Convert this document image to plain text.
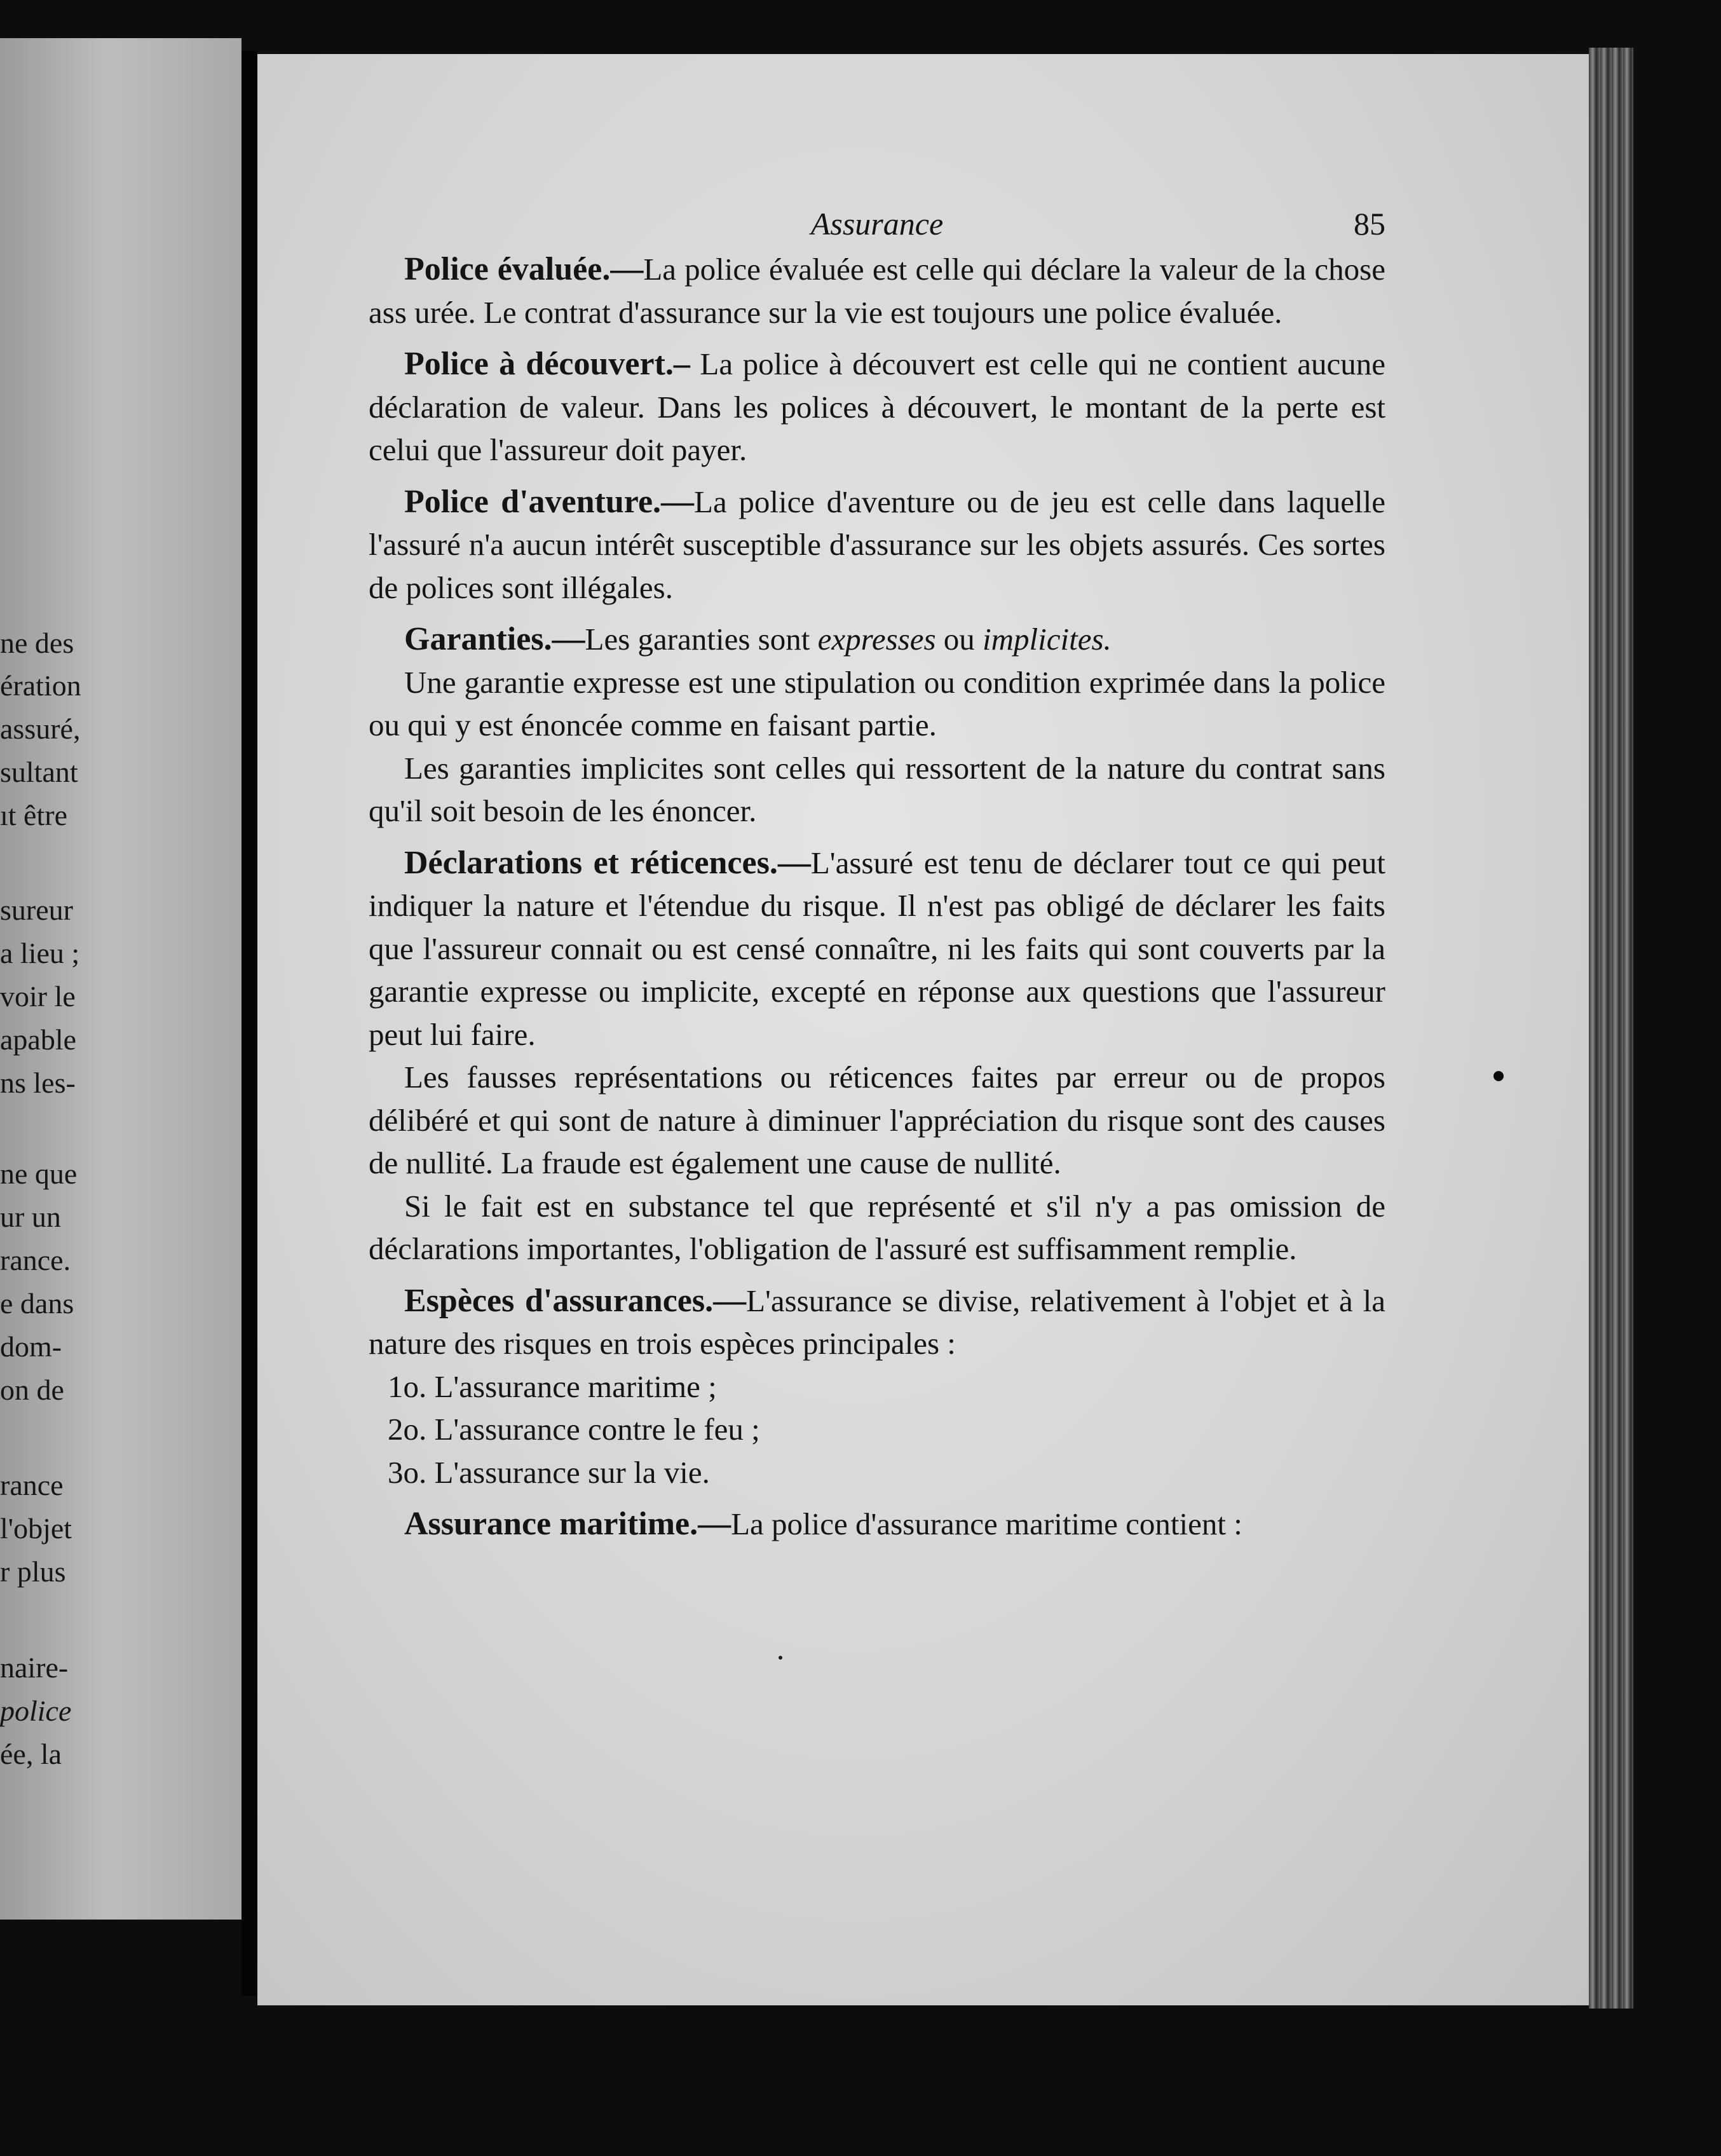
ne des
ération
assuré,
sultant
ıt être
sureur
a lieu ;
voir le
apable
ns les-
ne que
ur un
rance.
e dans
dom-
on de
rance
l'objet
r plus
naire-
police
ée, la
Assurance	85

Police évaluée.—La police évaluée est celle qui déclare la valeur de la chose ass urée. Le contrat d'assurance sur la vie est toujours une police évaluée.

Police à découvert.– La police à découvert est celle qui ne contient aucune déclaration de valeur. Dans les polices à découvert, le montant de la perte est celui que l'assureur doit payer.

Police d'aventure.—La police d'aventure ou de jeu est celle dans laquelle l'assuré n'a aucun intérêt susceptible d'assurance sur les objets assurés. Ces sortes de polices sont illégales.

Garanties.—Les garanties sont expresses ou implicites.

Une garantie expresse est une stipulation ou condition exprimée dans la police ou qui y est énoncée comme en faisant partie.

Les garanties implicites sont celles qui ressortent de la nature du contrat sans qu'il soit besoin de les énoncer.

Déclarations et réticences.—L'assuré est tenu de déclarer tout ce qui peut indiquer la nature et l'étendue du risque. Il n'est pas obligé de déclarer les faits que l'assureur connait ou est censé connaître, ni les faits qui sont couverts par la garantie expresse ou implicite, excepté en réponse aux questions que l'assureur peut lui faire.

Les fausses représentations ou réticences faites par erreur ou de propos délibéré et qui sont de nature à diminuer l'appréciation du risque sont des causes de nullité. La fraude est également une cause de nullité.

Si le fait est en substance tel que représenté et s'il n'y a pas omission de déclarations importantes, l'obligation de l'assuré est suffisamment remplie.

Espèces d'assurances.—L'assurance se divise, relativement à l'objet et à la nature des risques en trois espèces principales :

1o. L'assurance maritime ;

2o. L'assurance contre le feu ;

3o. L'assurance sur la vie.

Assurance maritime.—La police d'assurance maritime contient :
